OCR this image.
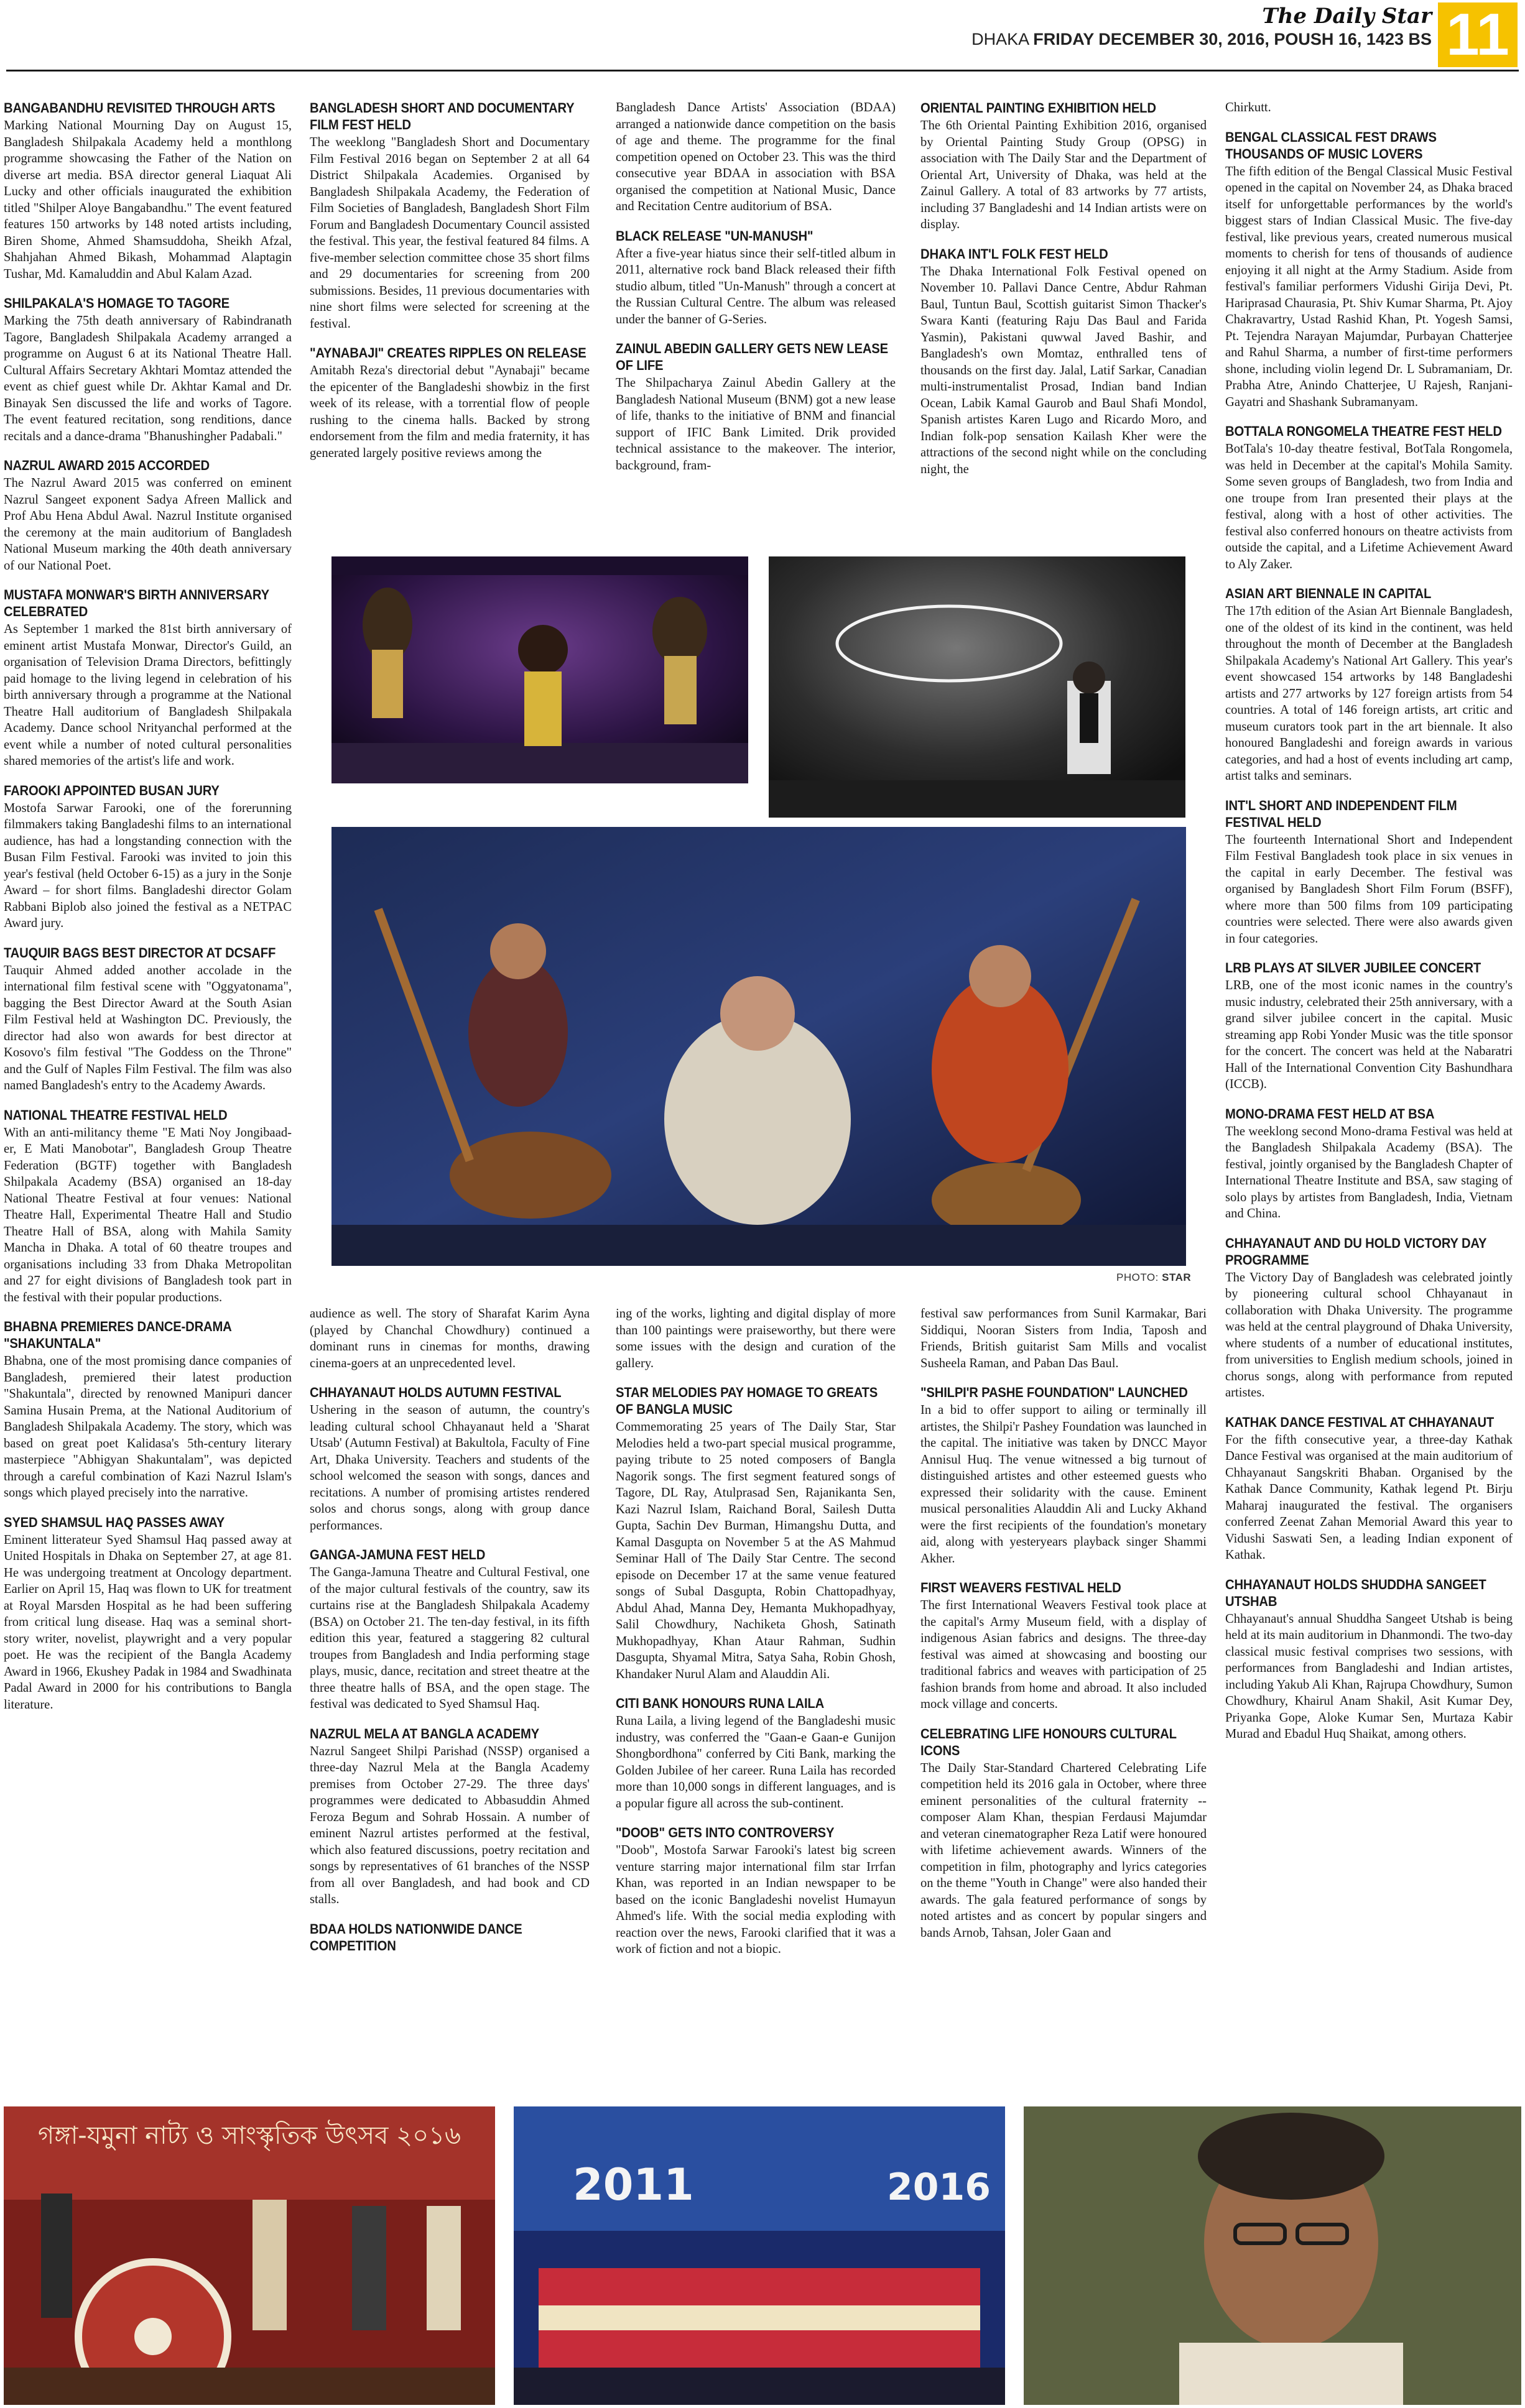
The Daily Star
DHAKA FRIDAY DECEMBER 30, 2016, POUSH 16, 1423 BS 11
BANGABANDHU REVISITED THROUGH ARTS

Marking National Mourning Day on August 15, Bangladesh Shilpakala Academy held a monthlong programme showcasing the Father of the Nation on diverse art media. BSA director general Liaquat Ali Lucky and other officials inaugurated the exhibition titled "Shilper Aloye Bangabandhu." The event featured features 150 artworks by 148 noted artists including, Biren Shome, Ahmed Shamsuddoha, Sheikh Afzal, Shahjahan Ahmed Bikash, Mohammad Alaptagin Tushar, Md. Kamaluddin and Abul Kalam Azad.

SHILPAKALA'S HOMAGE TO TAGORE

Marking the 75th death anniversary of Rabindranath Tagore, Bangladesh Shilpakala Academy arranged a programme on August 6 at its National Theatre Hall. Cultural Affairs Secretary Akhtari Momtaz attended the event as chief guest while Dr. Akhtar Kamal and Dr. Binayak Sen discussed the life and works of Tagore. The event featured recitation, song renditions, dance recitals and a dance-drama "Bhanushingher Padabali."

NAZRUL AWARD 2015 ACCORDED

The Nazrul Award 2015 was conferred on eminent Nazrul Sangeet exponent Sadya Afreen Mallick and Prof Abu Hena Abdul Awal. Nazrul Institute organised the ceremony at the main auditorium of Bangladesh National Museum marking the 40th death anniversary of our National Poet.

MUSTAFA MONWAR'S BIRTH ANNIVERSARY CELEBRATED

As September 1 marked the 81st birth anniversary of eminent artist Mustafa Monwar, Director's Guild, an organisation of Television Drama Directors, befittingly paid homage to the living legend in celebration of his birth anniversary through a programme at the National Theatre Hall auditorium of Bangladesh Shilpakala Academy. Dance school Nrityanchal performed at the event while a number of noted cultural personalities shared memories of the artist's life and work.

FAROOKI APPOINTED BUSAN JURY

Mostofa Sarwar Farooki, one of the forerunning filmmakers taking Bangladeshi films to an international audience, has had a longstanding connection with the Busan Film Festival. Farooki was invited to join this year's festival (held October 6-15) as a jury in the Sonje Award – for short films. Bangladeshi director Golam Rabbani Biplob also joined the festival as a NETPAC Award jury.

TAUQUIR BAGS BEST DIRECTOR AT DCSAFF

Tauquir Ahmed added another accolade in the international film festival scene with "Oggyatonama", bagging the Best Director Award at the South Asian Film Festival held at Washington DC. Previously, the director had also won awards for best director at Kosovo's film festival "The Goddess on the Throne" and the Gulf of Naples Film Festival. The film was also named Bangladesh's entry to the Academy Awards.

NATIONAL THEATRE FESTIVAL HELD

With an anti-militancy theme "E Mati Noy Jongibaad-er, E Mati Manobotar", Bangladesh Group Theatre Federation (BGTF) together with Bangladesh Shilpakala Academy (BSA) organised an 18-day National Theatre Festival at four venues: National Theatre Hall, Experimental Theatre Hall and Studio Theatre Hall of BSA, along with Mahila Samity Mancha in Dhaka. A total of 60 theatre troupes and organisations including 33 from Dhaka Metropolitan and 27 for eight divisions of Bangladesh took part in the festival with their popular productions.

BHABNA PREMIERES DANCE-DRAMA "SHAKUNTALA"

Bhabna, one of the most promising dance companies of Bangladesh, premiered their latest production "Shakuntala", directed by renowned Manipuri dancer Samina Husain Prema, at the National Auditorium of Bangladesh Shilpakala Academy. The story, which was based on great poet Kalidasa's 5th-century literary masterpiece "Abhigyan Shakuntalam", was depicted through a careful combination of Kazi Nazrul Islam's songs which played precisely into the narrative.

SYED SHAMSUL HAQ PASSES AWAY

Eminent litterateur Syed Shamsul Haq passed away at United Hospitals in Dhaka on September 27, at age 81. He was undergoing treatment at Oncology department. Earlier on April 15, Haq was flown to UK for treatment at Royal Marsden Hospital as he had been suffering from critical lung disease. Haq was a seminal short-story writer, novelist, playwright and a very popular poet. He was the recipient of the Bangla Academy Award in 1966, Ekushey Padak in 1984 and Swadhinata Padal Award in 2000 for his contributions to Bangla literature.

BANGLADESH SHORT AND DOCUMENTARY FILM FEST HELD

The weeklong "Bangladesh Short and Documentary Film Festival 2016 began on September 2 at all 64 District Shilpakala Academies. Organised by Bangladesh Shilpakala Academy, the Federation of Film Societies of Bangladesh, Bangladesh Short Film Forum and Bangladesh Documentary Council assisted the festival. This year, the festival featured 84 films. A five-member selection committee chose 35 short films and 29 documentaries for screening from 200 submissions. Besides, 11 previous documentaries with nine short films were selected for screening at the festival.

"AYNABAJI" CREATES RIPPLES ON RELEASE

Amitabh Reza's directorial debut "Aynabaji" became the epicenter of the Bangladeshi showbiz in the first week of its release, with a torrential flow of people rushing to the cinema halls. Backed by strong endorsement from the film and media fraternity, it has generated largely positive reviews among the

Bangladesh Dance Artists' Association (BDAA) arranged a nationwide dance competition on the basis of age and theme. The programme for the final competition opened on October 23. This was the third consecutive year BDAA in association with BSA organised the competition at National Music, Dance and Recitation Centre auditorium of BSA.

BLACK RELEASE "UN-MANUSH"

After a five-year hiatus since their self-titled album in 2011, alternative rock band Black released their fifth studio album, titled "Un-Manush" through a concert at the Russian Cultural Centre. The album was released under the banner of G-Series.

ZAINUL ABEDIN GALLERY GETS NEW LEASE OF LIFE

The Shilpacharya Zainul Abedin Gallery at the Bangladesh National Museum (BNM) got a new lease of life, thanks to the initiative of BNM and financial support of IFIC Bank Limited. Drik provided technical assistance to the makeover. The interior, background, fram-

ORIENTAL PAINTING EXHIBITION HELD

The 6th Oriental Painting Exhibition 2016, organised by Oriental Painting Study Group (OPSG) in association with The Daily Star and the Department of Oriental Art, University of Dhaka, was held at the Zainul Gallery. A total of 83 artworks by 77 artists, including 37 Bangladeshi and 14 Indian artists were on display.

DHAKA INT'L FOLK FEST HELD

The Dhaka International Folk Festival opened on November 10. Pallavi Dance Centre, Abdur Rahman Baul, Tuntun Baul, Scottish guitarist Simon Thacker's Swara Kanti (featuring Raju Das Baul and Farida Yasmin), Pakistani quwwal Javed Bashir, and Bangladesh's own Momtaz, enthralled tens of thousands on the first day. Jalal, Latif Sarkar, Canadian multi-instrumentalist Prosad, Indian band Indian Ocean, Labik Kamal Gaurob and Baul Shafi Mondol, Spanish artistes Karen Lugo and Ricardo Moro, and Indian folk-pop sensation Kailash Kher were the attractions of the second night while on the concluding night, the

Chirkutt.

BENGAL CLASSICAL FEST DRAWS THOUSANDS OF MUSIC LOVERS

The fifth edition of the Bengal Classical Music Festival opened in the capital on November 24, as Dhaka braced itself for unforgettable performances by the world's biggest stars of Indian Classical Music. The five-day festival, like previous years, created numerous musical moments to cherish for tens of thousands of audience enjoying it all night at the Army Stadium. Aside from festival's familiar performers Vidushi Girija Devi, Pt. Hariprasad Chaurasia, Pt. Shiv Kumar Sharma, Pt. Ajoy Chakravartry, Ustad Rashid Khan, Pt. Yogesh Samsi, Pt. Tejendra Narayan Majumdar, Purbayan Chatterjee and Rahul Sharma, a number of first-time performers shone, including violin legend Dr. L Subramaniam, Dr. Prabha Atre, Anindo Chatterjee, U Rajesh, Ranjani-Gayatri and Shashank Subramanyam.

BOTTALA RONGOMELA THEATRE FEST HELD

BotTala's 10-day theatre festival, BotTala Rongomela, was held in December at the capital's Mohila Samity. Some seven groups of Bangladesh, two from India and one troupe from Iran presented their plays at the festival, along with a host of other activities. The festival also conferred honours on theatre activists from outside the capital, and a Lifetime Achievement Award to Aly Zaker.

ASIAN ART BIENNALE IN CAPITAL

The 17th edition of the Asian Art Biennale Bangladesh, one of the oldest of its kind in the continent, was held throughout the month of December at the Bangladesh Shilpakala Academy's National Art Gallery. This year's event showcased 154 artworks by 148 Bangladeshi artists and 277 artworks by 127 foreign artists from 54 countries. A total of 146 foreign artists, art critic and museum curators took part in the art biennale. It also honoured Bangladeshi and foreign awards in various categories, and had a host of events including art camp, artist talks and seminars.

INT'L SHORT AND INDEPENDENT FILM FESTIVAL HELD

The fourteenth International Short and Independent Film Festival Bangladesh took place in six venues in the capital in early December. The festival was organised by Bangladesh Short Film Forum (BSFF), where more than 500 films from 109 participating countries were selected. There were also awards given in four categories.

LRB PLAYS AT SILVER JUBILEE CONCERT

LRB, one of the most iconic names in the country's music industry, celebrated their 25th anniversary, with a grand silver jubilee concert in the capital. Music streaming app Robi Yonder Music was the title sponsor for the concert. The concert was held at the Nabaratri Hall of the International Convention City Bashundhara (ICCB).

MONO-DRAMA FEST HELD AT BSA

The weeklong second Mono-drama Festival was held at the Bangladesh Shilpakala Academy (BSA). The festival, jointly organised by the Bangladesh Chapter of International Theatre Institute and BSA, saw staging of solo plays by artistes from Bangladesh, India, Vietnam and China.

CHHAYANAUT AND DU HOLD VICTORY DAY PROGRAMME

The Victory Day of Bangladesh was celebrated jointly by pioneering cultural school Chhayanaut in collaboration with Dhaka University. The programme was held at the central playground of Dhaka University, where students of a number of educational institutes, from universities to English medium schools, joined in chorus songs, along with performance from reputed artistes.

KATHAK DANCE FESTIVAL AT CHHAYANAUT

For the fifth consecutive year, a three-day Kathak Dance Festival was organised at the main auditorium of Chhayanaut Sangskriti Bhaban. Organised by the Kathak Dance Community, Kathak legend Pt. Birju Maharaj inaugurated the festival. The organisers conferred Zeenat Zahan Memorial Award this year to Vidushi Saswati Sen, a leading Indian exponent of Kathak.

CHHAYANAUT HOLDS SHUDDHA SANGEET UTSHAB

Chhayanaut's annual Shuddha Sangeet Utshab is being held at its main auditorium in Dhanmondi. The two-day classical music festival comprises two sessions, with performances from Bangladeshi and Indian artistes, including Yakub Ali Khan, Rajrupa Chowdhury, Sumon Chowdhury, Khairul Anam Shakil, Asit Kumar Dey, Priyanka Gope, Aloke Kumar Sen, Murtaza Kabir Murad and Ebadul Huq Shaikat, among others.

PHOTO: STAR

audience as well. The story of Sharafat Karim Ayna (played by Chanchal Chowdhury) continued a dominant runs in cinemas for months, drawing cinema-goers at an unprecedented level.

CHHAYANAUT HOLDS AUTUMN FESTIVAL

Ushering in the season of autumn, the country's leading cultural school Chhayanaut held a 'Sharat Utsab' (Autumn Festival) at Bakultola, Faculty of Fine Art, Dhaka University. Teachers and students of the school welcomed the season with songs, dances and recitations. A number of promising artistes rendered solos and chorus songs, along with group dance performances.

GANGA-JAMUNA FEST HELD

The Ganga-Jamuna Theatre and Cultural Festival, one of the major cultural festivals of the country, saw its curtains rise at the Bangladesh Shilpakala Academy (BSA) on October 21. The ten-day festival, in its fifth edition this year, featured a staggering 82 cultural troupes from Bangladesh and India performing stage plays, music, dance, recitation and street theatre at the three theatre halls of BSA, and the open stage. The festival was dedicated to Syed Shamsul Haq.

NAZRUL MELA AT BANGLA ACADEMY

Nazrul Sangeet Shilpi Parishad (NSSP) organised a three-day Nazrul Mela at the Bangla Academy premises from October 27-29. The three days' programmes were dedicated to Abbasuddin Ahmed Feroza Begum and Sohrab Hossain. A number of eminent Nazrul artistes performed at the festival, which also featured discussions, poetry recitation and songs by representatives of 61 branches of the NSSP from all over Bangladesh, and had book and CD stalls.

BDAA HOLDS NATIONWIDE DANCE COMPETITION

ing of the works, lighting and digital display of more than 100 paintings were praiseworthy, but there were some issues with the design and curation of the gallery.

STAR MELODIES PAY HOMAGE TO GREATS OF BANGLA MUSIC

Commemorating 25 years of The Daily Star, Star Melodies held a two-part special musical programme, paying tribute to 25 noted composers of Bangla Nagorik songs. The first segment featured songs of Tagore, DL Ray, Atulprasad Sen, Rajanikanta Sen, Kazi Nazrul Islam, Raichand Boral, Sailesh Dutta Gupta, Sachin Dev Burman, Himangshu Dutta, and Kamal Dasgupta on November 5 at the AS Mahmud Seminar Hall of The Daily Star Centre. The second episode on December 17 at the same venue featured songs of Subal Dasgupta, Robin Chattopadhyay, Abdul Ahad, Manna Dey, Hemanta Mukhopadhyay, Salil Chowdhury, Nachiketa Ghosh, Satinath Mukhopadhyay, Khan Ataur Rahman, Sudhin Dasgupta, Shyamal Mitra, Satya Saha, Robin Ghosh, Khandaker Nurul Alam and Alauddin Ali.

CITI BANK HONOURS RUNA LAILA

Runa Laila, a living legend of the Bangladeshi music industry, was conferred the "Gaan-e Gaan-e Gunijon Shongbordhona" conferred by Citi Bank, marking the Golden Jubilee of her career. Runa Laila has recorded more than 10,000 songs in different languages, and is a popular figure all across the sub-continent.

"DOOB" GETS INTO CONTROVERSY

"Doob", Mostofa Sarwar Farooki's latest big screen venture starring major international film star Irrfan Khan, was reported in an Indian newspaper to be based on the iconic Bangladeshi novelist Humayun Ahmed's life. With the social media exploding with reaction over the news, Farooki clarified that it was a work of fiction and not a biopic.

festival saw performances from Sunil Karmakar, Bari Siddiqui, Nooran Sisters from India, Taposh and Friends, British guitarist Sam Mills and vocalist Susheela Raman, and Paban Das Baul.

"SHILPI'R PASHE FOUNDATION" LAUNCHED

In a bid to offer support to ailing or terminally ill artistes, the Shilpi'r Pashey Foundation was launched in the capital. The initiative was taken by DNCC Mayor Annisul Huq. The venue witnessed a big turnout of distinguished artistes and other esteemed guests who expressed their solidarity with the cause. Eminent musical personalities Alauddin Ali and Lucky Akhand were the first recipients of the foundation's monetary aid, along with yesteryears playback singer Shammi Akher.

FIRST WEAVERS FESTIVAL HELD

The first International Weavers Festival took place at the capital's Army Museum field, with a display of indigenous Asian fabrics and designs. The three-day festival was aimed at showcasing and boosting our traditional fabrics and weaves with participation of 25 fashion brands from home and abroad. It also included mock village and concerts.

CELEBRATING LIFE HONOURS CULTURAL ICONS

The Daily Star-Standard Chartered Celebrating Life competition held its 2016 gala in October, where three eminent personalities of the cultural fraternity -- composer Alam Khan, thespian Ferdausi Majumdar and veteran cinematographer Reza Latif were honoured with lifetime achievement awards. Winners of the competition in film, photography and lyrics categories on the theme "Youth in Change" were also handed their awards. The gala featured performance of songs by noted artistes and as concert by popular singers and bands Arnob, Tahsan, Joler Gaan and

গঙ্গা-যমুনা নাট্য ও সাংস্কৃতিক উৎসব ২০১৬
2011	2016
